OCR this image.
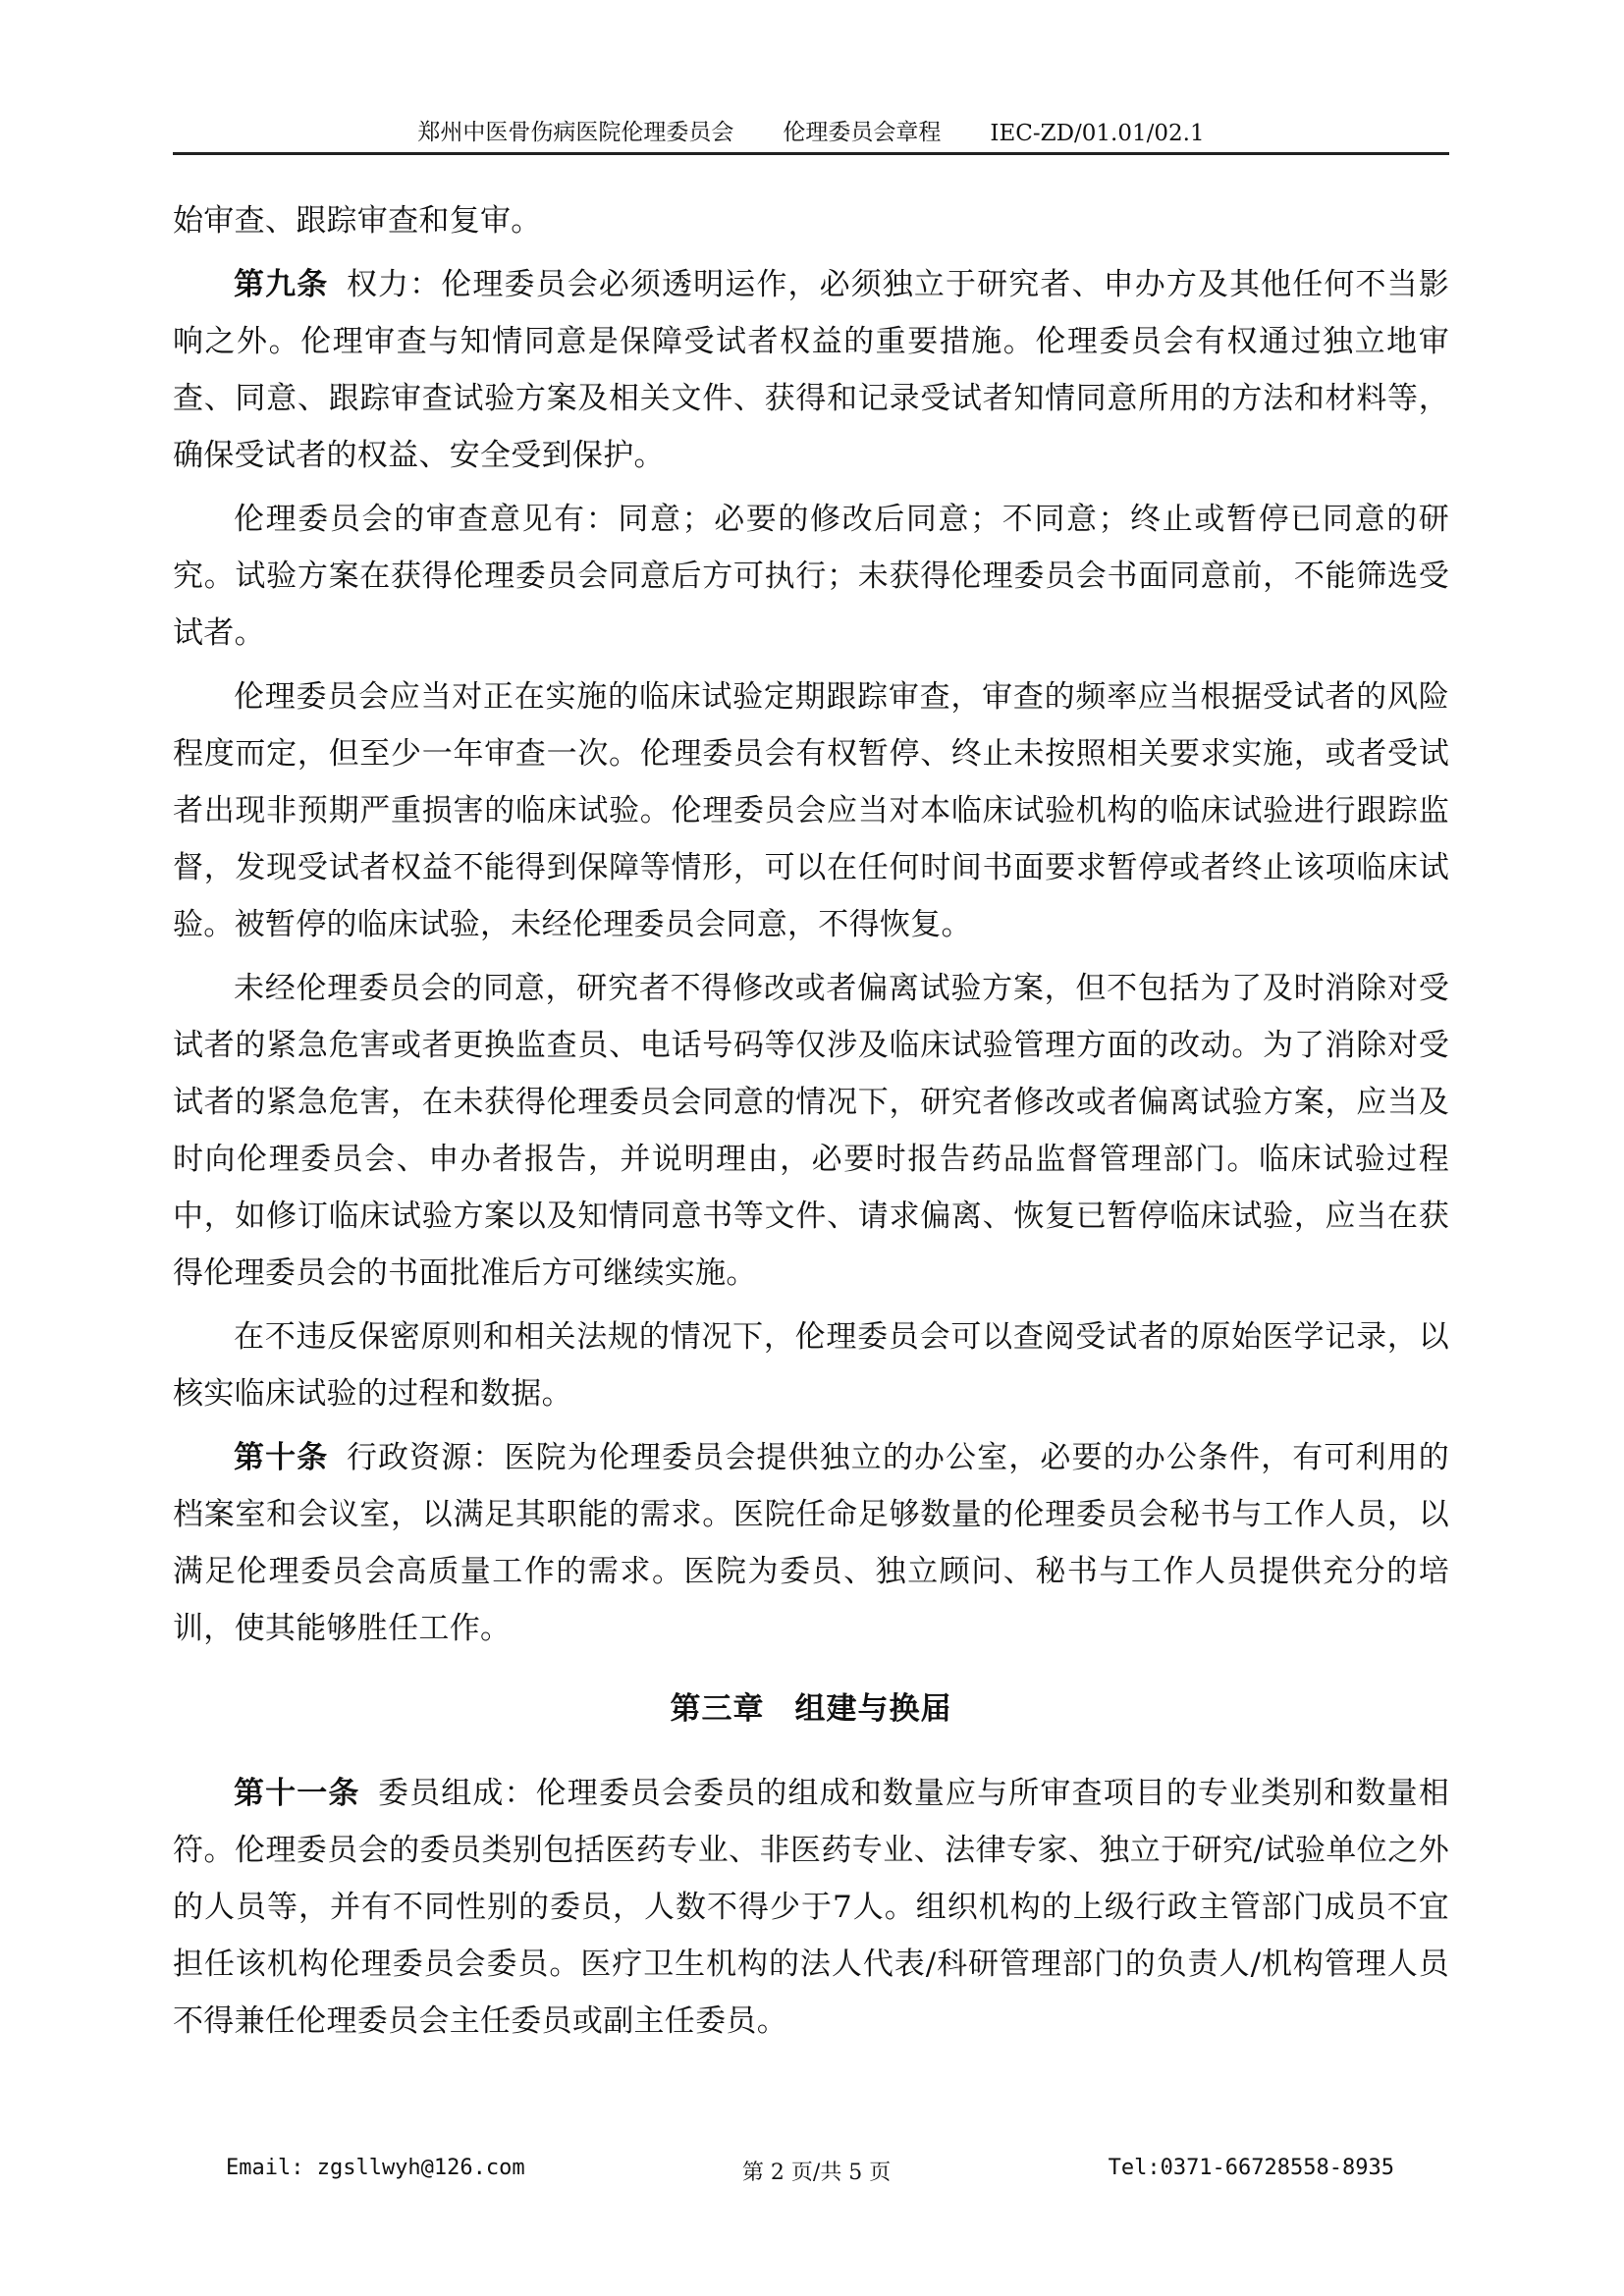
郑州中医骨伤病医院伦理委员会 伦理委员会章程 IEC-ZD/01.01/02.1

始审查、跟踪审查和复审。

第九条 权力：伦理委员会必须透明运作，必须独立于研究者、申办方及其他任何不当影响之外。伦理审查与知情同意是保障受试者权益的重要措施。伦理委员会有权通过独立地审查、同意、跟踪审查试验方案及相关文件、获得和记录受试者知情同意所用的方法和材料等，确保受试者的权益、安全受到保护。

伦理委员会的审查意见有：同意；必要的修改后同意；不同意；终止或暂停已同意的研究。试验方案在获得伦理委员会同意后方可执行；未获得伦理委员会书面同意前，不能筛选受试者。

伦理委员会应当对正在实施的临床试验定期跟踪审查，审查的频率应当根据受试者的风险程度而定，但至少一年审查一次。伦理委员会有权暂停、终止未按照相关要求实施，或者受试者出现非预期严重损害的临床试验。伦理委员会应当对本临床试验机构的临床试验进行跟踪监督，发现受试者权益不能得到保障等情形，可以在任何时间书面要求暂停或者终止该项临床试验。被暂停的临床试验，未经伦理委员会同意，不得恢复。

未经伦理委员会的同意，研究者不得修改或者偏离试验方案，但不包括为了及时消除对受试者的紧急危害或者更换监查员、电话号码等仅涉及临床试验管理方面的改动。为了消除对受试者的紧急危害，在未获得伦理委员会同意的情况下，研究者修改或者偏离试验方案，应当及时向伦理委员会、申办者报告，并说明理由，必要时报告药品监督管理部门。临床试验过程中，如修订临床试验方案以及知情同意书等文件、请求偏离、恢复已暂停临床试验，应当在获得伦理委员会的书面批准后方可继续实施。

在不违反保密原则和相关法规的情况下，伦理委员会可以查阅受试者的原始医学记录，以核实临床试验的过程和数据。

第十条 行政资源：医院为伦理委员会提供独立的办公室，必要的办公条件，有可利用的档案室和会议室，以满足其职能的需求。医院任命足够数量的伦理委员会秘书与工作人员，以满足伦理委员会高质量工作的需求。医院为委员、独立顾问、秘书与工作人员提供充分的培训，使其能够胜任工作。

第三章 组建与换届

第十一条 委员组成：伦理委员会委员的组成和数量应与所审查项目的专业类别和数量相符。伦理委员会的委员类别包括医药专业、非医药专业、法律专家、独立于研究/试验单位之外的人员等，并有不同性别的委员，人数不得少于7人。组织机构的上级行政主管部门成员不宜担任该机构伦理委员会委员。医疗卫生机构的法人代表/科研管理部门的负责人/机构管理人员不得兼任伦理委员会主任委员或副主任委员。

Email: zgsllwyh@126.com	第 2 页/共 5 页	Tel:0371-66728558-8935
